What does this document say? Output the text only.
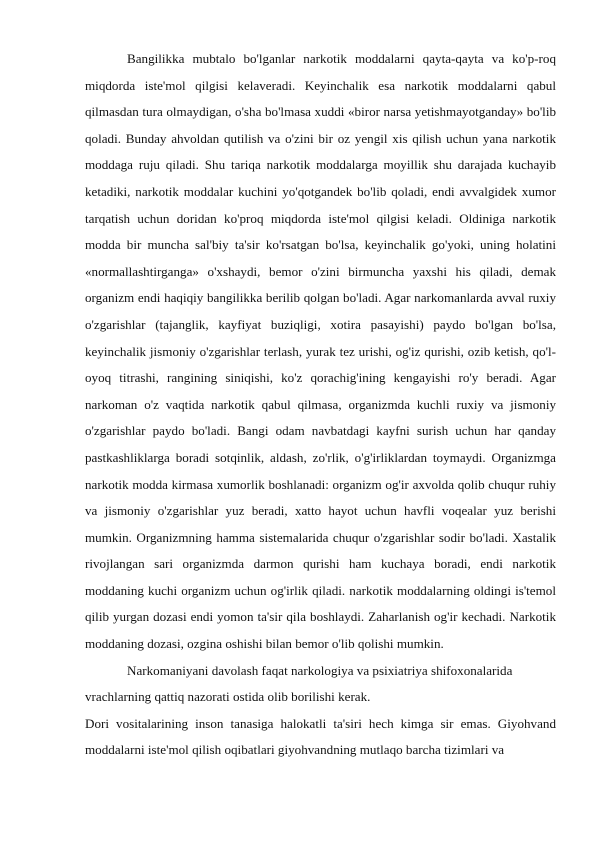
Bangilikka mubtalo bo'lganlar narkotik moddalarni qayta-qayta va ko'p-roq miqdorda iste'mol qilgisi kelaveradi. Keyinchalik esa narkotik moddalarni qabul qilmasdan tura olmaydigan, o'sha bo'lmasa xuddi «biror narsa yetishmayotganday» bo'lib qoladi. Bunday ahvoldan qutilish va o'zini bir oz yengil xis qilish uchun yana narkotik moddaga ruju qiladi. Shu tariqa narkotik moddalarga moyillik shu darajada kuchayib ketadiki, narkotik moddalar kuchini yo'qotgandek bo'lib qoladi, endi avvalgidek xumor tarqatish uchun doridan ko'proq miqdorda iste'mol qilgisi keladi. Oldiniga narkotik modda bir muncha sal'biy ta'sir ko'rsatgan bo'lsa, keyinchalik go'yoki, uning holatini «normallashtirganga» o'xshaydi, bemor o'zini birmuncha yaxshi his qiladi, demak organizm endi haqiqiy bangilikka berilib qolgan bo'ladi. Agar narkomanlarda avval ruxiy o'zgarishlar (tajanglik, kayfiyat buziqligi, xotira pasayishi) paydo bo'lgan bo'lsa, keyinchalik jismoniy o'zgarishlar terlash, yurak tez urishi, og'iz qurishi, ozib ketish, qo'l-oyoq titrashi, rangining siniqishi, ko'z qorachig'ining kengayishi ro'y beradi. Agar narkoman o'z vaqtida narkotik qabul qilmasa, organizmda kuchli ruxiy va jismoniy o'zgarishlar paydo bo'ladi. Bangi odam navbatdagi kayfni surish uchun har qanday pastkashliklarga boradi sotqinlik, aldash, zo'rlik, o'g'irliklardan toymaydi. Organizmga narkotik modda kirmasa xumorlik boshlanadi: organizm og'ir axvolda qolib chuqur ruhiy va jismoniy o'zgarishlar yuz beradi, xatto hayot uchun havfli voqealar yuz berishi mumkin. Organizmning hamma sistemalarida chuqur o'zgarishlar sodir bo'ladi. Xastalik rivojlangan sari organizmda darmon qurishi ham kuchaya boradi, endi narkotik moddaning kuchi organizm uchun og'irlik qiladi. narkotik moddalarning oldingi is'temol qilib yurgan dozasi endi yomon ta'sir qila boshlaydi. Zaharlanish og'ir kechadi. Narkotik moddaning dozasi, ozgina oshishi bilan bemor o'lib qolishi mumkin.

Narkomaniyani davolash faqat narkologiya va psixiatriya shifoxonalarida

vrachlarning qattiq nazorati ostida olib borilishi kerak.

Dori vositalarining inson tanasiga halokatli ta'siri hech kimga sir emas. Giyohvand moddalarni iste'mol qilish oqibatlari giyohvandning mutlaqo barcha tizimlari va
